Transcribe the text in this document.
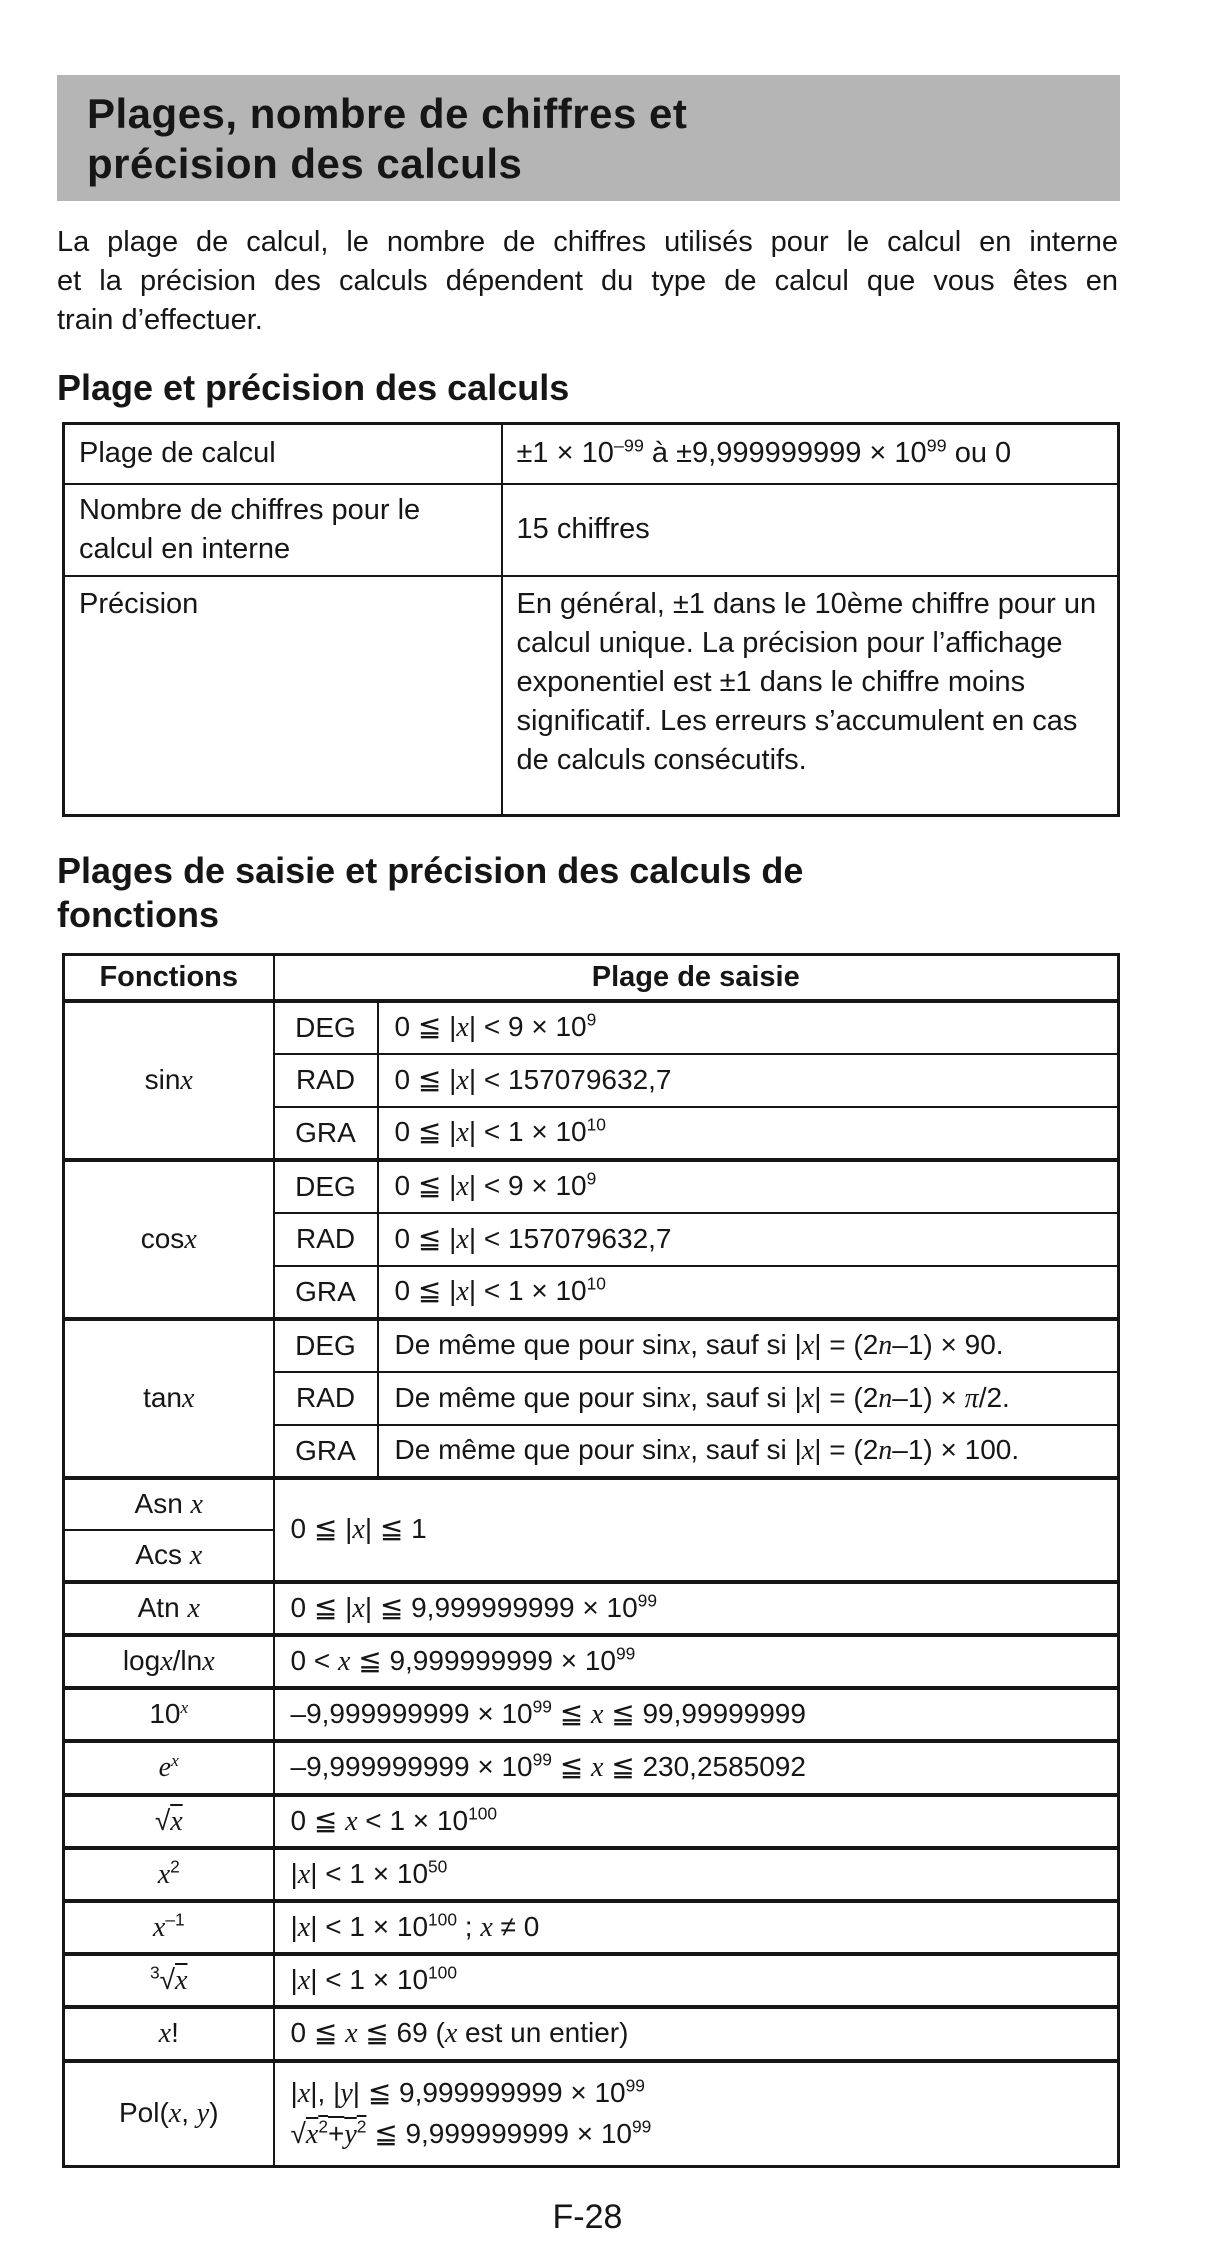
Plages, nombre de chiffres et
précision des calculs
La plage de calcul, le nombre de chiffres utilisés pour le calcul en interne
et la précision des calculs dépendent du type de calcul que vous êtes en
train d’effectuer.
Plage et précision des calculs
Plage de calcul	$\pm 1 \times 10^{-99}$ à $\pm 9,999999999 \times 10^{99}$ ou 0
Nombre de chiffres pour le calcul en interne	15 chiffres
Précision	En général, ±1 dans le 10ème chiffre pour un calcul unique. La précision pour l’affichage exponentiel est ±1 dans le chiffre moins significatif. Les erreurs s’accumulent en cas de calculs consécutifs.
Plages de saisie et précision des calculs de
fonctions
Fonctions	Plage de saisie	
sinx	DEG	0 ≦ $|x| < 9 \times 10^9$
	RAD	0 ≦ |x| < 157079632,7
	GRA	0 ≦ $|x| < 1 \times 10^{10}$
cosx	DEG	0 ≦ $|x| < 9 \times 10^9$
	RAD	0 ≦ |x| < 157079632,7
	GRA	0 ≦ $|x| < 1 \times 10^{10}$
tanx	DEG	De même que pour sinx, sauf si |x| = (2n–1) × 90.
	RAD	De même que pour sinx, sauf si |x| = (2n–1) × π/2.
	GRA	De même que pour sinx, sauf si |x| = (2n–1) × 100.
Asn x	0 ≦ |x| ≦ 1	
Acs x		
Atn x	0 ≦ |x| ≦ $9,999999999 \times 10^{99}$
logx/lnx	0 < x ≦ $9,999999999 \times 10^{99}$
10$^x$	$-9,999999999 \times 10^{99}$ ≦ x ≦ 99,99999999	
$e^x$	$-9,999999999 \times 10^{99}$ ≦ x ≦ 230,2585092	
√x	0 ≦ $x < 1 \times 10^{100}$
$x^2$	$|x| < 1 \times 10^{50}$
$x^{-1}$	$|x| < 1 \times 10^{100}$ ; x ≠ 0	
$^3$√x	$|x| < 1 \times 10^{100}$
x!	0 ≦ x ≦ 69 (x est un entier)	
Pol(x, y)	|x|, |y| ≦ $9,999999999 \times 10^{99}$
$√x^2+y^2$ ≦ $9,999999999 \times 10^{99}$
F-28
